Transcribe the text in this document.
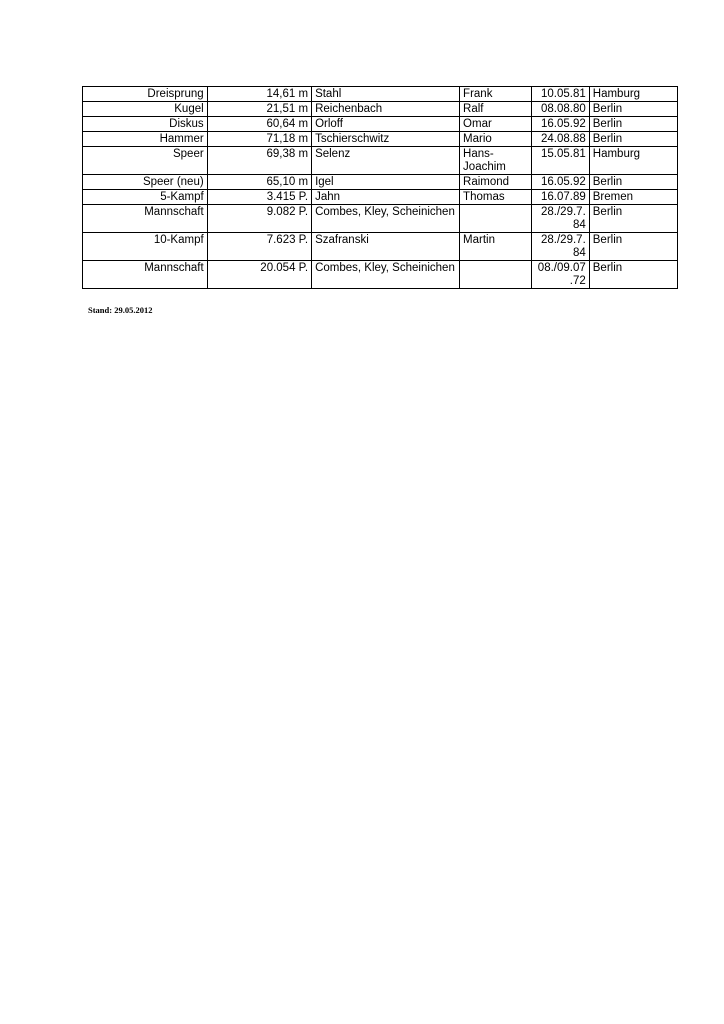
Dreisprung	14,61 m	Stahl	Frank	10.05.81	Hamburg
Kugel	21,51 m	Reichenbach	Ralf	08.08.80	Berlin
Diskus	60,64 m	Orloff	Omar	16.05.92	Berlin
Hammer	71,18 m	Tschierschwitz	Mario	24.08.88	Berlin
Speer	69,38 m	Selenz	Hans-Joachim	15.05.81	Hamburg
Speer (neu)	65,10 m	Igel	Raimond	16.05.92	Berlin
5-Kampf	3.415 P.	Jahn	Thomas	16.07.89	Bremen
Mannschaft	9.082 P.	Combes, Kley, Scheinichen		28./29.7.84	Berlin
10-Kampf	7.623 P.	Szafranski	Martin	28./29.7.84	Berlin
Mannschaft	20.054 P.	Combes, Kley, Scheinichen		08./09.07.72	Berlin
Stand: 29.05.2012
